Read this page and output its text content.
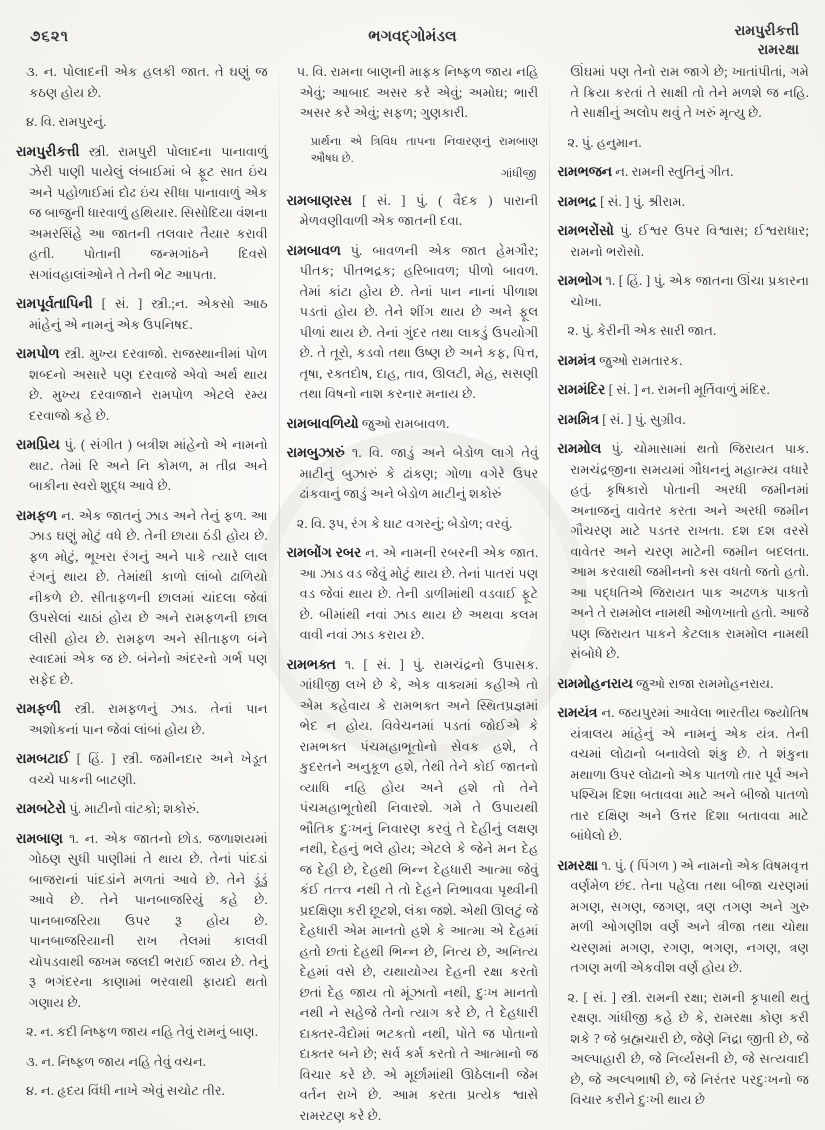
૭૬૨૧	ભગવદ્ગોમંડલ	રામપુરીક્ત્તી
રામરક્ષા

૩. ન. પોલાદની એક હલકી જાત. તે ઘણું જ કઠણ હોય છે.

૪. વિ. રામપુરનું.

રામપુરીક્ત્તી સ્ત્રી. રામપુરી પોલાદના પાનાવાળું ઝેરી પાણી પાયેલું લંબાઈમાં બે ફૂટ સાત ઇંચ અને પહોળાઈમાં દોઢ ઇંચ સીધા પાનાવાળું એક જ બાજુની ધારવાળું હથિયાર. સિસોદિયા વંશના અમરસિંહે આ જાતની તલવાર તૈયાર કરાવી હતી. પોતાની જન્મગાંઠને દિવસે સગાંવહાલાંઓને તે તેની ભેટ આપતા.

રામપૂર્વતાપિની [ સં. ] સ્ત્રી.;ન. એકસો આઠ માંહેનું એ નામનું એક ઉપનિષદ.

રામપોળ સ્ત્રી. મુખ્ય દરવાજો. રાજસ્થાનીમાં પોળ શબ્દનો અસારે પણ દરવાજે એવો અર્થ થાય છે. મુખ્ય દરવાજાને રામપોળ એટલે રમ્ય દરવાજો કહે છે.

રામપ્રિય પું. ( સંગીત ) બત્રીશ માંહેનો એ નામનો થાટ. તેમાં રિ અને નિ કોમળ, મ તીવ્ર અને બાકીના સ્વરો શુદ્ધ આવે છે.

રામફળ ન. એક જાતનું ઝાડ અને તેનું ફળ. આ ઝાડ ઘણું મોટું વધે છે. તેની છાયા ઠંડી હોય છે. ફળ મોટું, ભૂખરા રંગનું અને પાકે ત્યારે લાલ રંગનું થાય છે. તેમાંથી કાળો લાંબો ઢાળિયો નીકળે છે. સીતાફળની છાલમાં ચાંદલા જેવાં ઉપસેલાં ચાઠાં હોય છે અને રામફળની છાલ લીસી હોય છે. રામફળ અને સીતાફળ બંને સ્વાદમાં એક જ છે. બંનેનો અંદરનો ગર્ભ પણ સફેદ છે.

રામફળી સ્ત્રી. રામફળનું ઝાડ. તેનાં પાન અશોકનાં પાન જેવાં લાંબાં હોય છે.

રામબટાઈ [ હિં. ] સ્ત્રી. જમીનદાર અને ખેડૂત વચ્ચે પાકની બાટણી.

રામબટેરો પું. માટીનો વાંટકો; શકોરું.

રામબાણ ૧. ન. એક જાતનો છોડ. જળાશયમાં ગોઠણ સુધી પાણીમાં તે થાય છે. તેનાં પાંદડાં બાજરાનાં પાંદડાંને મળતાં આવે છે. તેને ડૂંડું આવે છે. તેને પાનબાજરિયું કહે છે. પાનબાજરિયા ઉપર રૂ હોય છે. પાનબાજરિયાની રાખ તેલમાં કાલવી ચોપડવાથી જખમ જલદી ભરાઈ જાય છે. તેનું રૂ ભગંદરના કાણામાં ભરવાથી ફાયદો થતો ગણાય છે.

૨. ન. કદી નિષ્ફળ જાય નહિ તેવું રામનું બાણ.

૩. ન. નિષ્ફળ જાય નહિ તેવું વચન.

૪. ન. હૃદય વિંધી નાખે એવું સચોટ તીર.

૫. વિ. રામના બાણની માફક નિષ્ફળ જાય નહિ એવું; આબાદ અસર કરે એવું; અમોઘ; ભારી અસર કરે એવું; સફળ; ગુણકારી.

પ્રાર્થના એ ત્રિવિધ તાપના નિવારણનું રામબાણ ઔષધ છે.

ગાંધીજી

રામબાણરસ [ સં. ] પું. ( વૈદક ) પારાની મેળવણીવાળી એક જાતની દવા.

રામબાવળ પું. બાવળની એક જાત હેમગૌર; પીતક; પીતભદ્રક; હરિબાવળ; પીળો બાવળ. તેમાં કાંટા હોય છે. તેનાં પાન નાનાં પીળાશ પડતાં હોય છે. તેને શીંગ થાય છે અને ફૂલ પીળાં થાય છે. તેનાં ગુંદર તથા લાકડું ઉપયોગી છે. તે તૂરો, કડવો તથા ઉષ્ણ છે અને કફ, પિત્ત, તૃષા, રક્તદોષ, દાહ, તાવ, ઊલટી, મેહ, સસણી તથા વિષનો નાશ કરનાર મનાય છે.

રામબાવળિયો જુઓ રામબાવળ.

રામબુઝારું ૧. વિ. જાડું અને બેડોળ લાગે તેવું માટીનું બુઝારું કે ઢાંકણ; ગોળા વગેરે ઉપર ઢાંકવાનું જાડું અને બેડોળ માટીનું શકોરું

૨. વિ. રૂપ, રંગ કે ઘાટ વગરનું; બેડોળ; વરવું.

રામબોંગ રબર ન. એ નામની રબરની એક જાત. આ ઝાડ વડ જેવું મોટું થાય છે. તેનાં પાતરાં પણ વડ જેવાં થાય છે. તેની ડાળીમાંથી વડવાઈ ફૂટે છે. બીમાંથી નવાં ઝાડ થાય છે અથવા કલમ વાવી નવાં ઝાડ કરાય છે.

રામભક્ત ૧. [ સં. ] પું. રામચંદ્રનો ઉપાસક. ગાંધીજી લખે છે કે, એક વાક્યમાં કહીએ તો એમ કહેવાય કે રામભક્ત અને સ્થિતપ્રજ્ઞમાં ભેદ ન હોય. વિવેચનમાં પડતાં જોઈએ કે રામભક્ત પંચમહાભૂતોનો સેવક હશે, તે કુદરતને અનુકૂળ હશે, તેથી તેને કોઈ જાતનો વ્યાધિ નહિ હોય અને હશે તો તેને પંચમહાભૂતોથી નિવારશે. ગમે તે ઉપાયથી ભૌતિક દુઃખનું નિવારણ કરવું તે દેહીનું લક્ષણ નથી, દેહનું ભલે હોય; એટલે કે જેને મન દેહ જ દેહી છે, દેહથી ભિન્ન દેહધારી આત્મા જેવું કંઈ તત્ત્વ નથી તે તો દેહને નિભાવવા પૃથ્વીની પ્રદક્ષિણા કરી છૂટશે, લંકા જશે. એથી ઊલટું જે દેહધારી એમ માનતો હશે કે આત્મા એ દેહમાં હતો છતાં દેહથી ભિન્ન છે, નિત્ય છે, અનિત્ય દેહમાં વસે છે, યથાયોગ્ય દેહની રક્ષા કરતો છતાં દેહ જાય તો મૂંઝાતો નથી, દુઃખ માનતો નથી ને સહેજે તેનો ત્યાગ કરે છે, તે દેહધારી દાક્તર-વૈદોમાં ભટકતો નથી, પોતે જ પોતાનો દાક્તર બને છે; સર્વ કર્મ કરતો તે આત્માનો જ વિચાર કરે છે. એ મૂર્છામાંથી ઊઠેલાની જેમ વર્તન રાખે છે. આમ કરતા પ્રત્યેક શ્વાસે રામરટણ કરે છે.

ઊંઘમાં પણ તેનો રામ જાગે છે; ખાતાંપીતાં, ગમે તે ક્રિયા કરતાં તે સાક્ષી તો તેને મળશે જ નહિ. તે સાક્ષીનું અલોપ થવું તે ખરું મૃત્યુ છે.

૨. પું. હનુમાન.

રામભજન ન. રામની સ્તુતિનું ગીત.

રામભદ્ર [ સં. ] પું. શ્રીરામ.

રામભરોંસો પું. ઈશ્વર ઉપર વિશ્વાસ; ઈશ્વરાધાર; રામનો ભરોસો.

રામભોગ ૧. [ હિં. ] પું. એક જાતના ઊંચા પ્રકારના ચોખા.

૨. પું. કેરીની એક સારી જાત.

રામમંત્ર જુઓ રામતારક.

રામમંદિર [ સં. ] ન. રામની મૂર્તિવાળું મંદિર.

રામમિત્ર [ સં. ] પું. સુગ્રીવ.

રામમોલ પું. ચોમાસામાં થતો જિરાયત પાક. રામચંદ્રજીના સમયમાં ગૌધનનું મહાત્મ્ય વધારે હતું. કૃષિકારો પોતાની અરધી જમીનમાં અનાજનું વાવેતર કરતા અને અરધી જમીન ગૌચરણ માટે પડતર રાખતા. દશ દશ વરસે વાવેતર અને ચરણ માટેની જમીન બદલતા. આમ કરવાથી જમીનનો કસ વધતો જતો હતો. આ પદ્ધતિએ જિરાયત પાક અઢળક પાકતો અને તે રામમોલ નામથી ઓળખાતો હતો. આજે પણ જિરાયત પાકને કેટલાક રામમોલ નામથી સંબોધે છે.

રામમોહનરાય જુઓ રાજા રામમોહનરાય.

રામયંત્ર ન. જયપુરમાં આવેલા ભારતીય જ્યોતિષ યંત્રાલય માંહેનું એ નામનું એક યંત્ર. તેની વચમાં લોઢાનો બનાવેલો શંકુ છે. તે શંકુના મથાળા ઉપર લોઢાનો એક પાતળો તાર પૂર્વ અને પશ્ચિમ દિશા બતાવવા માટે અને બીજો પાતળો તાર દક્ષિણ અને ઉત્તર દિશા બતાવવા માટે બાંધેલો છે.

રામરક્ષા ૧. પું. ( પિંગળ ) એ નામનો એક વિષમવૃત્ત વર્ણમેળ છંદ. તેના પહેલા તથા બીજા ચરણમાં મગણ, સગણ, જગણ, ત્રણ તગણ અને ગુરુ મળી ઓગણીશ વર્ણ અને ત્રીજા તથા ચોથા ચરણમાં મગણ, રગણ, ભગણ, નગણ, ત્રણ તગણ મળી એકવીશ વર્ણ હોય છે.

૨. [ સં. ] સ્ત્રી. રામની રક્ષા; રામની કૃપાથી થતું રક્ષણ. ગાંધીજી કહે છે કે, રામરક્ષા કોણ કરી શકે ? જે બ્રહ્મચારી છે, જેણે નિદ્રા જીતી છે, જે અલ્પાહારી છે, જે નિર્વ્યસની છે, જે સત્યવાદી છે, જે અલ્પભાષી છે, જે નિરંતર પરદુઃખનો જ વિચાર કરીને દુઃખી થાય છે
